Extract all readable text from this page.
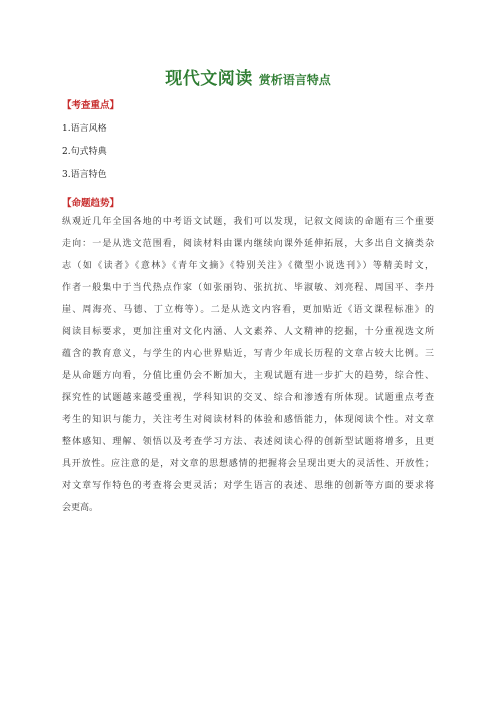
现代文阅读 赏析语言特点
【考查重点】
1.语言风格
2.句式特典
3.语言特色
【命题趋势】
纵观近几年全国各地的中考语文试题，我们可以发现，记叙文阅读的命题有三个重要
走向：一是从选文范围看，阅读材料由课内继续向课外延伸拓展，大多出自文摘类杂
志（如《读者》《意林》《青年文摘》《特别关注》《微型小说选刊》）等精美时文，
作者一般集中于当代热点作家（如张丽钧、张抗抗、毕淑敏、刘亮程、周国平、李丹
崖、周海亮、马德、丁立梅等）。二是从选文内容看，更加贴近《语文课程标准》的
阅读目标要求，更加注重对文化内涵、人文素养、人文精神的挖掘，十分重视选文所
蕴含的教育意义，与学生的内心世界贴近，写青少年成长历程的文章占较大比例。三
是从命题方向看，分值比重仍会不断加大，主观试题有进一步扩大的趋势，综合性、
探究性的试题越来越受重视，学科知识的交叉、综合和渗透有所体现。试题重点考查
考生的知识与能力，关注考生对阅读材料的体验和感悟能力，体现阅读个性。对文章
整体感知、理解、领悟以及考查学习方法、表述阅读心得的创新型试题将增多，且更
具开放性。应注意的是，对文章的思想感情的把握将会呈现出更大的灵活性、开放性；
对文章写作特色的考查将会更灵活；对学生语言的表述、思维的创新等方面的要求将
会更高。
